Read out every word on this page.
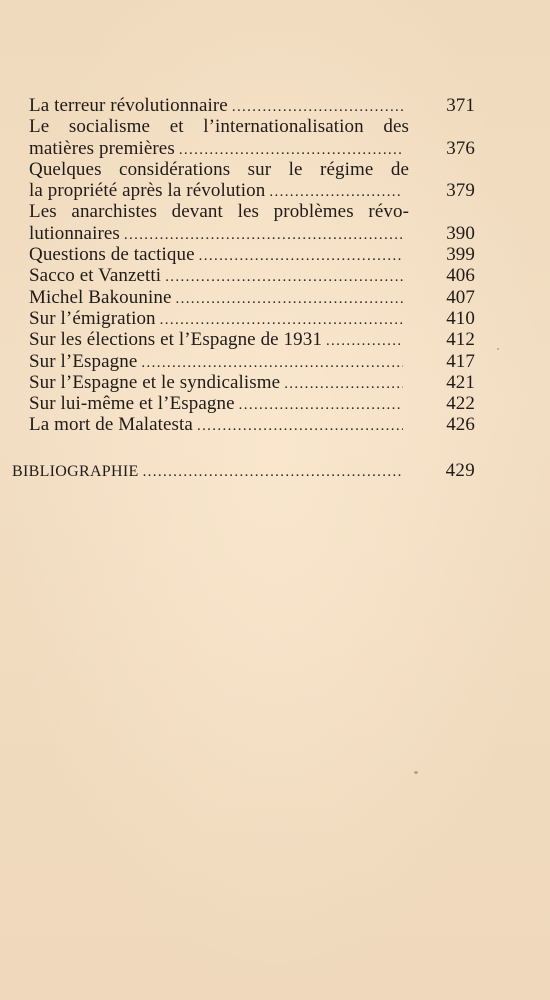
La terreur révolutionnaire . . .	371
Le socialisme et l’internationalisation des
matières premières . . .	376
Quelques considérations sur le régime de
la propriété après la révolution . . .	379
Les anarchistes devant les problèmes révo-
lutionnaires . . .	390
Questions de tactique . . .	399
Sacco et Vanzetti . . .	406
Michel Bakounine . . .	407
Sur l’émigration . . .	410
Sur les élections et l’Espagne de 1931 . . .	412
Sur l’Espagne . . .	417
Sur l’Espagne et le syndicalisme . . .	421
Sur lui-même et l’Espagne . . .	422
La mort de Malatesta . . .	426
BIBLIOGRAPHIE . . .	429
